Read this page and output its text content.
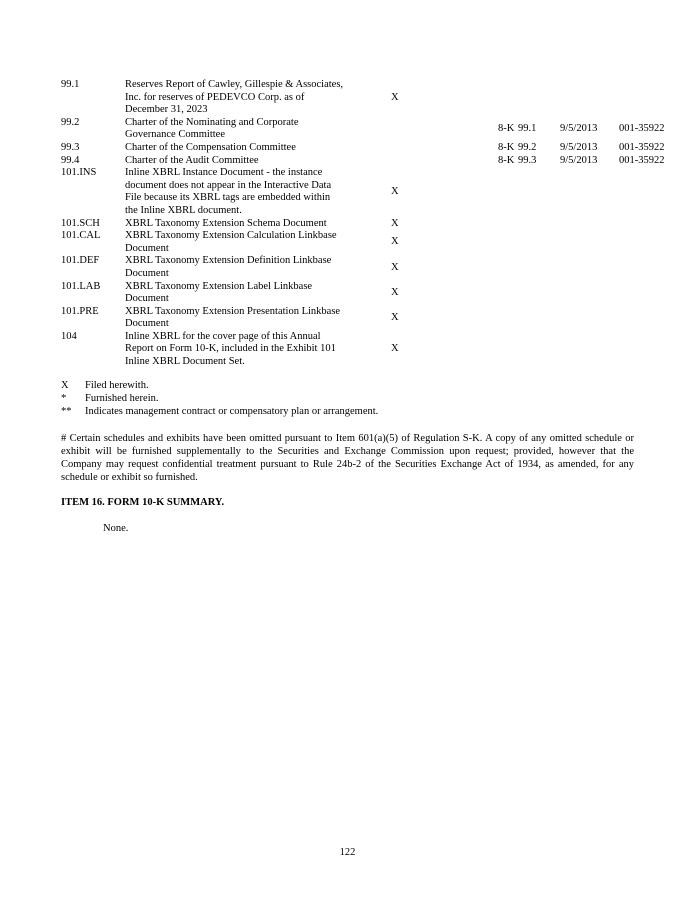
99.1	Reserves Report of Cawley, Gillespie & Associates,
Inc. for reserves of PEDEVCO Corp. as of
December 31, 2023	X				
99.2	Charter of the Nominating and Corporate
Governance Committee		8-K	99.1	9/5/2013	001-35922
99.3	Charter of the Compensation Committee		8-K	99.2	9/5/2013	001-35922
99.4	Charter of the Audit Committee		8-K	99.3	9/5/2013	001-35922
101.INS	Inline XBRL Instance Document - the instance
document does not appear in the Interactive Data
File because its XBRL tags are embedded within
the Inline XBRL document.	X				
101.SCH	XBRL Taxonomy Extension Schema Document	X				
101.CAL	XBRL Taxonomy Extension Calculation Linkbase
Document	X				
101.DEF	XBRL Taxonomy Extension Definition Linkbase
Document	X				
101.LAB	XBRL Taxonomy Extension Label Linkbase
Document	X				
101.PRE	XBRL Taxonomy Extension Presentation Linkbase
Document	X				
104	Inline XBRL for the cover page of this Annual
Report on Form 10-K, included in the Exhibit 101
Inline XBRL Document Set.	X				
X	Filed herewith.
*	Furnished herein.
**	Indicates management contract or compensatory plan or arrangement.
# Certain schedules and exhibits have been omitted pursuant to Item 601(a)(5) of Regulation S-K. A copy of any omitted schedule or exhibit will be furnished supplementally to the Securities and Exchange Commission upon request; provided, however that the Company may request confidential treatment pursuant to Rule 24b-2 of the Securities Exchange Act of 1934, as amended, for any schedule or exhibit so furnished.
ITEM 16. FORM 10-K SUMMARY.
None.
122
